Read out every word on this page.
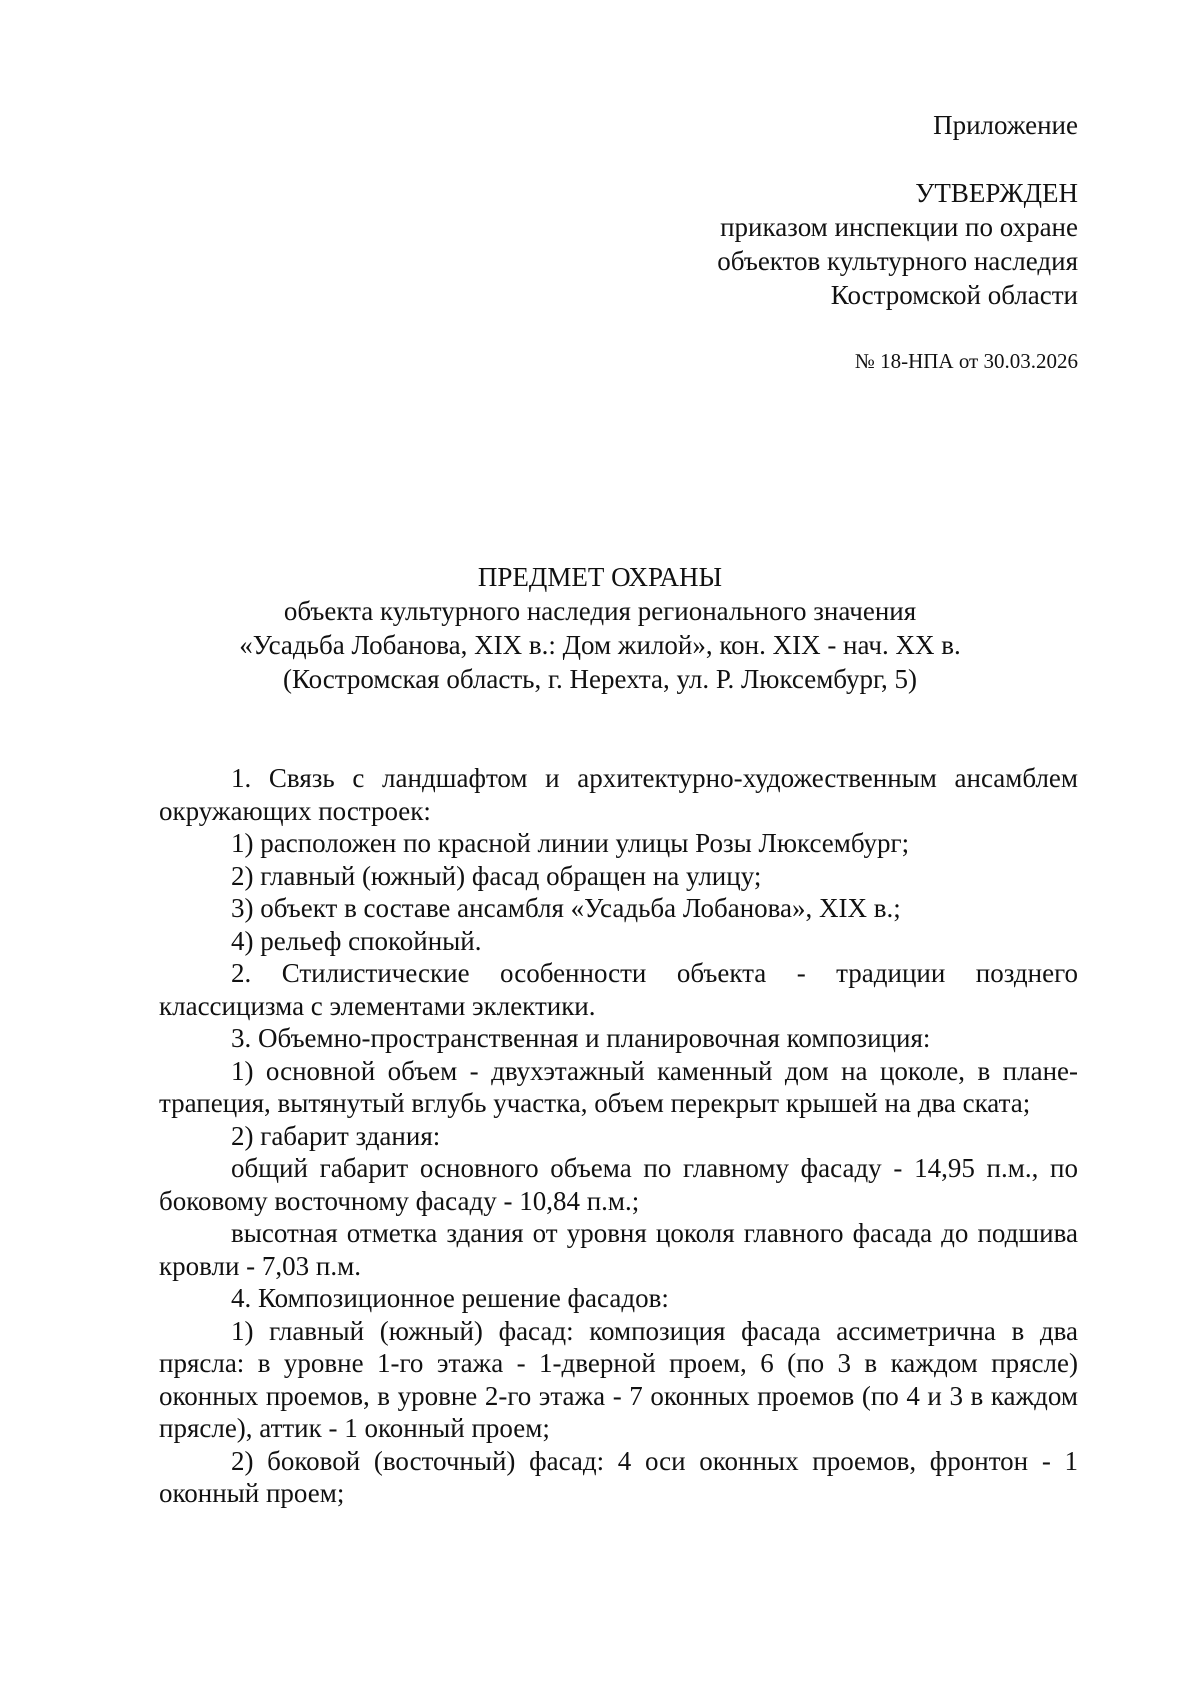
Приложение

УТВЕРЖДЕН

приказом инспекции по охране

объектов культурного наследия

Костромской области

№ 18-НПА от 30.03.2026

ПРЕДМЕТ ОХРАНЫ

объекта культурного наследия регионального значения

«Усадьба Лобанова, XIX в.: Дом жилой», кон. XIX - нач. XX в.

(Костромская область, г. Нерехта, ул. Р. Люксембург, 5)

1. Связь с ландшафтом и архитектурно-художественным ансамблем окружающих построек:

1) расположен по красной линии улицы Розы Люксембург;

2) главный (южный) фасад обращен на улицу;

3) объект в составе ансамбля «Усадьба Лобанова», XIX в.;

4) рельеф спокойный.

2. Стилистические особенности объекта - традиции позднего классицизма с элементами эклектики.

3. Объемно-пространственная и планировочная композиция:

1) основной объем - двухэтажный каменный дом на цоколе, в плане-трапеция, вытянутый вглубь участка, объем перекрыт крышей на два ската;

2) габарит здания:

общий габарит основного объема по главному фасаду - 14,95 п.м., по боковому восточному фасаду - 10,84 п.м.;

высотная отметка здания от уровня цоколя главного фасада до подшива кровли - 7,03 п.м.

4. Композиционное решение фасадов:

1) главный (южный) фасад: композиция фасада ассиметрична в два прясла: в уровне 1-го этажа - 1-дверной проем, 6 (по 3 в каждом прясле) оконных проемов, в уровне 2-го этажа - 7 оконных проемов (по 4 и 3 в каждом прясле), аттик - 1 оконный проем;

2) боковой (восточный) фасад: 4 оси оконных проемов, фронтон - 1 оконный проем;
